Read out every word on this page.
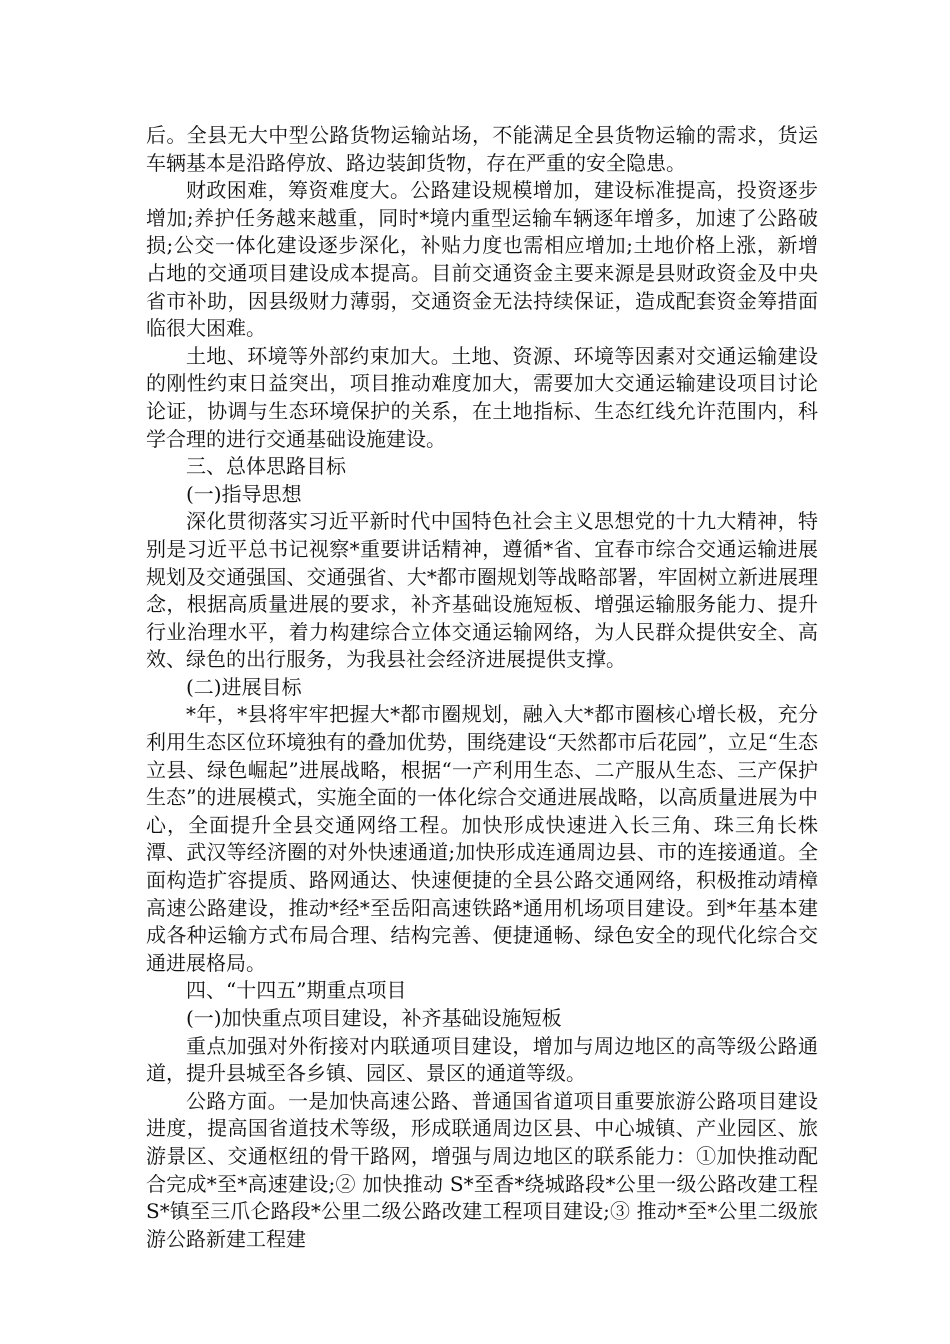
后。全县无大中型公路货物运输站场，不能满足全县货物运输的需求，货运车辆基本是沿路停放、路边装卸货物，存在严重的安全隐患。

财政困难，筹资难度大。公路建设规模增加，建设标准提高，投资逐步增加;养护任务越来越重，同时*境内重型运输车辆逐年增多，加速了公路破损;公交一体化建设逐步深化，补贴力度也需相应增加;土地价格上涨，新增占地的交通项目建设成本提高。目前交通资金主要来源是县财政资金及中央省市补助，因县级财力薄弱，交通资金无法持续保证，造成配套资金筹措面临很大困难。

土地、环境等外部约束加大。土地、资源、环境等因素对交通运输建设的刚性约束日益突出，项目推动难度加大，需要加大交通运输建设项目讨论论证，协调与生态环境保护的关系，在土地指标、生态红线允许范围内，科学合理的进行交通基础设施建设。

三、总体思路目标

(一)指导思想

深化贯彻落实习近平新时代中国特色社会主义思想党的十九大精神，特别是习近平总书记视察*重要讲话精神，遵循*省、宜春市综合交通运输进展规划及交通强国、交通强省、大*都市圈规划等战略部署，牢固树立新进展理念，根据高质量进展的要求，补齐基础设施短板、增强运输服务能力、提升行业治理水平，着力构建综合立体交通运输网络，为人民群众提供安全、高效、绿色的出行服务，为我县社会经济进展提供支撑。

(二)进展目标

*年，*县将牢牢把握大*都市圈规划，融入大*都市圈核心增长极，充分利用生态区位环境独有的叠加优势，围绕建设“天然都市后花园”，立足“生态立县、绿色崛起”进展战略，根据“一产利用生态、二产服从生态、三产保护生态”的进展模式，实施全面的一体化综合交通进展战略，以高质量进展为中心，全面提升全县交通网络工程。加快形成快速进入长三角、珠三角长株潭、武汉等经济圈的对外快速通道;加快形成连通周边县、市的连接通道。全面构造扩容提质、路网通达、快速便捷的全县公路交通网络，积极推动靖樟高速公路建设，推动*经*至岳阳高速铁路*通用机场项目建设。到*年基本建成各种运输方式布局合理、结构完善、便捷通畅、绿色安全的现代化综合交通进展格局。

四、“十四五”期重点项目

(一)加快重点项目建设，补齐基础设施短板

重点加强对外衔接对内联通项目建设，增加与周边地区的高等级公路通道，提升县城至各乡镇、园区、景区的通道等级。

公路方面。一是加快高速公路、普通国省道项目重要旅游公路项目建设进度，提高国省道技术等级，形成联通周边区县、中心城镇、产业园区、旅游景区、交通枢纽的骨干路网，增强与周边地区的联系能力：①加快推动配合完成*至*高速建设;② 加快推动 S*至香*绕城路段*公里一级公路改建工程 S*镇至三爪仑路段*公里二级公路改建工程项目建设;③ 推动*至*公里二级旅游公路新建工程建
